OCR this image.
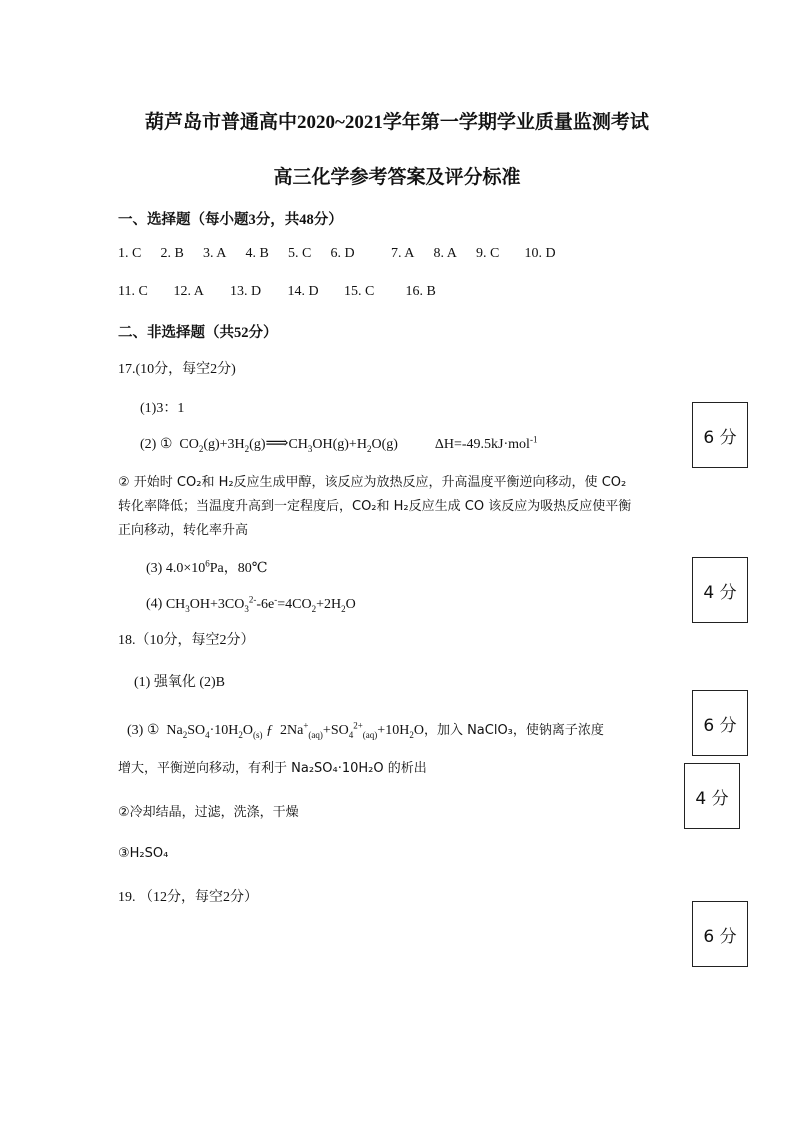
葫芦岛市普通高中2020~2021学年第一学期学业质量监测考试
高三化学参考答案及评分标准
一、选择题（每小题3分，共48分）
1. C 2. B 3. A 4. B 5. C 6. D	7. A 8. A 9. C 10. D
11. C 12. A 13. D 14. D 15. C 16. B
二、非选择题（共52分）
17.(10分，每空2分)
(1)3：1
(2) ①  $CO_2(g)+3H_2(g)⟹CH_3OH(g)+H_2O(g)$	ΔH=-49.5kJ·mol$^{-1}$
② 开始时 CO₂和 H₂反应生成甲醇，该反应为放热反应，升高温度平衡逆向移动，使 CO₂
转化率降低；当温度升高到一定程度后，CO₂和 H₂反应生成 CO 该反应为吸热反应使平衡
正向移动，转化率升高
(3) $4.0\times 10^6Pa$，80℃
(4) $CH_3OH+3CO_3^{2-}-6e^-=4CO_2+2H_2O$
18.（10分，每空2分）
(1) 强氧化 (2)B
(3) ①  $Na_2SO_4\cdot 10H_2O_{(s)}$ ƒ  $2Na^+_{(aq)}+SO_4^{2+}_{(aq)}+10H_2O$，加入 NaClO₃，使钠离子浓度
增大，平衡逆向移动，有利于 Na₂SO₄·10H₂O 的析出
②冷却结晶，过滤，洗涤，干燥
③H₂SO₄
19. （12分，每空2分）
6 分
4 分
6 分
4 分
6 分
